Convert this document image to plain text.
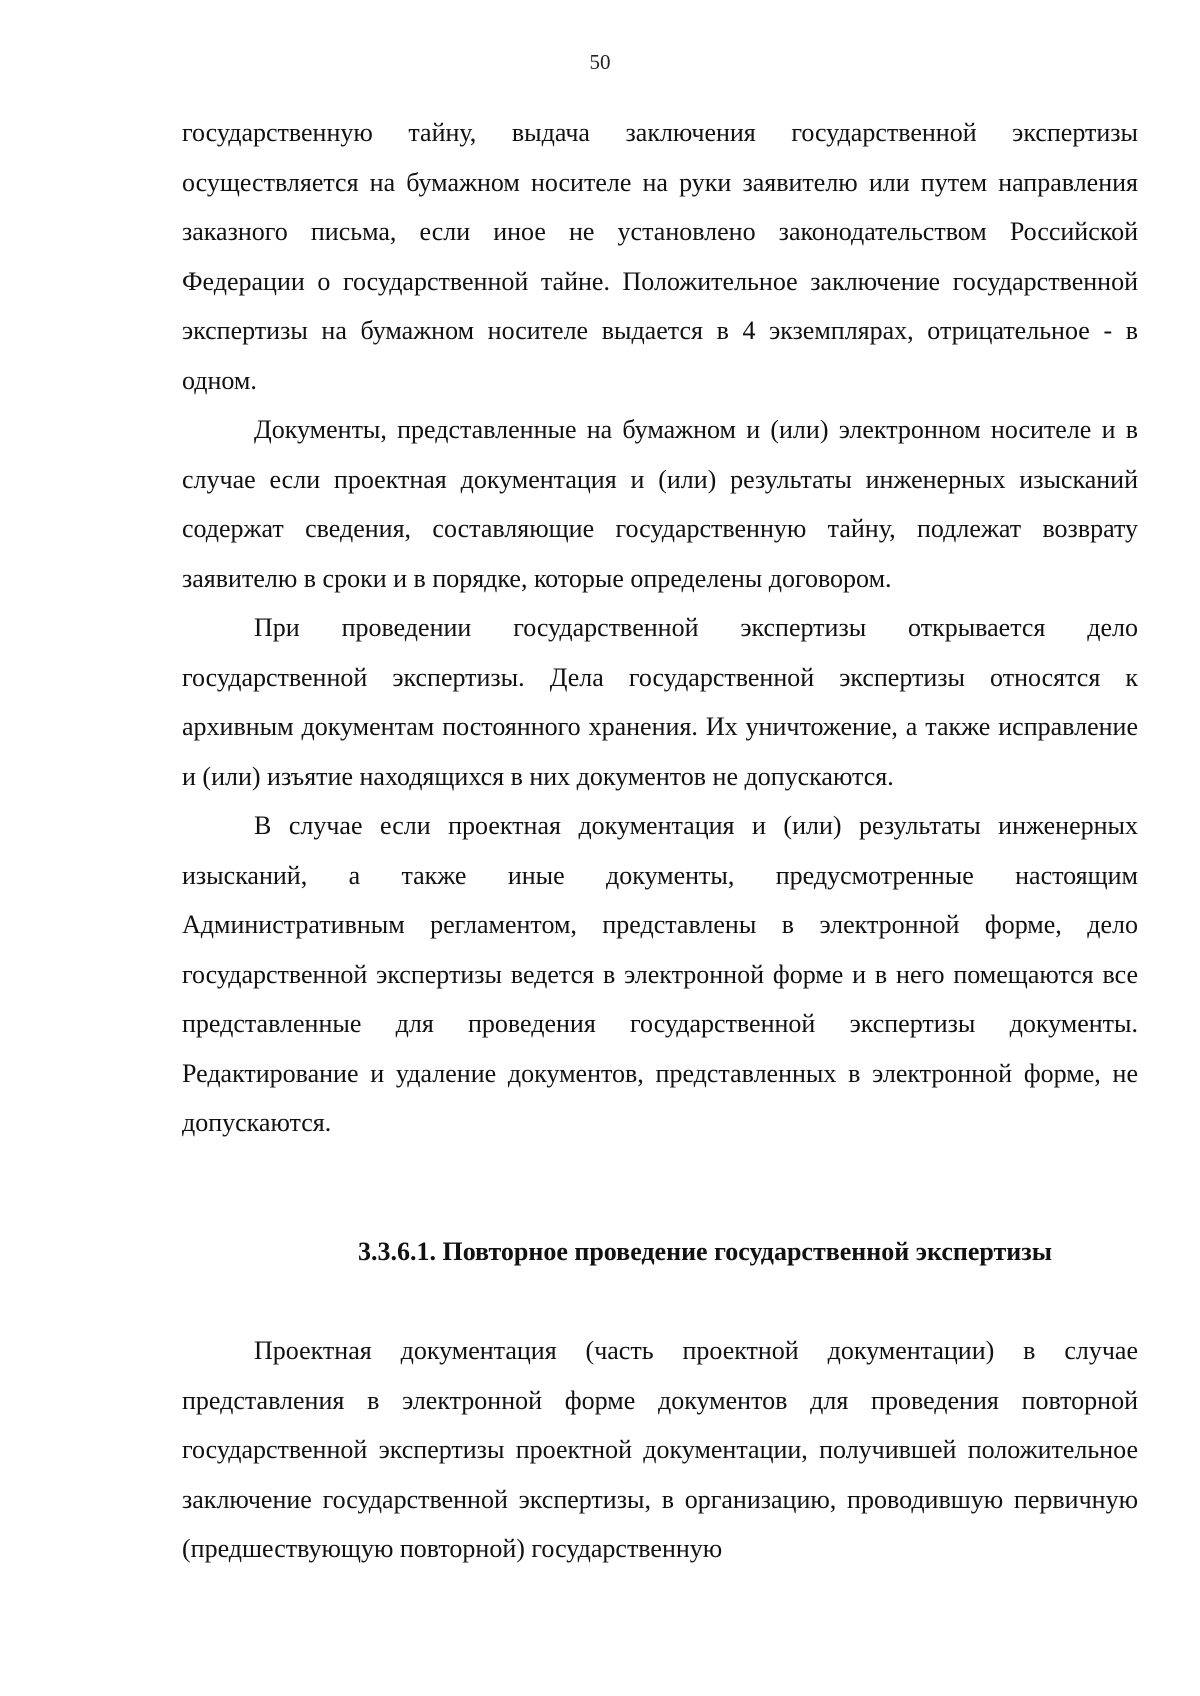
50

государственную тайну, выдача заключения государственной экспертизы осуществляется на бумажном носителе на руки заявителю или путем направления заказного письма, если иное не установлено законодательством Российской Федерации о государственной тайне. Положительное заключение государственной экспертизы на бумажном носителе выдается в 4 экземплярах, отрицательное - в одном.

Документы, представленные на бумажном и (или) электронном носителе и в случае если проектная документация и (или) результаты инженерных изысканий содержат сведения, составляющие государственную тайну, подлежат возврату заявителю в сроки и в порядке, которые определены договором.

При проведении государственной экспертизы открывается дело государственной экспертизы. Дела государственной экспертизы относятся к архивным документам постоянного хранения. Их уничтожение, а также исправление и (или) изъятие находящихся в них документов не допускаются.

В случае если проектная документация и (или) результаты инженерных изысканий, а также иные документы, предусмотренные настоящим Административным регламентом, представлены в электронной форме, дело государственной экспертизы ведется в электронной форме и в него помещаются все представленные для проведения государственной экспертизы документы. Редактирование и удаление документов, представленных в электронной форме, не допускаются.

3.3.6.1. Повторное проведение государственной экспертизы

Проектная документация (часть проектной документации) в случае представления в электронной форме документов для проведения повторной государственной экспертизы проектной документации, получившей положительное заключение государственной экспертизы, в организацию, проводившую первичную (предшествующую повторной) государственную
